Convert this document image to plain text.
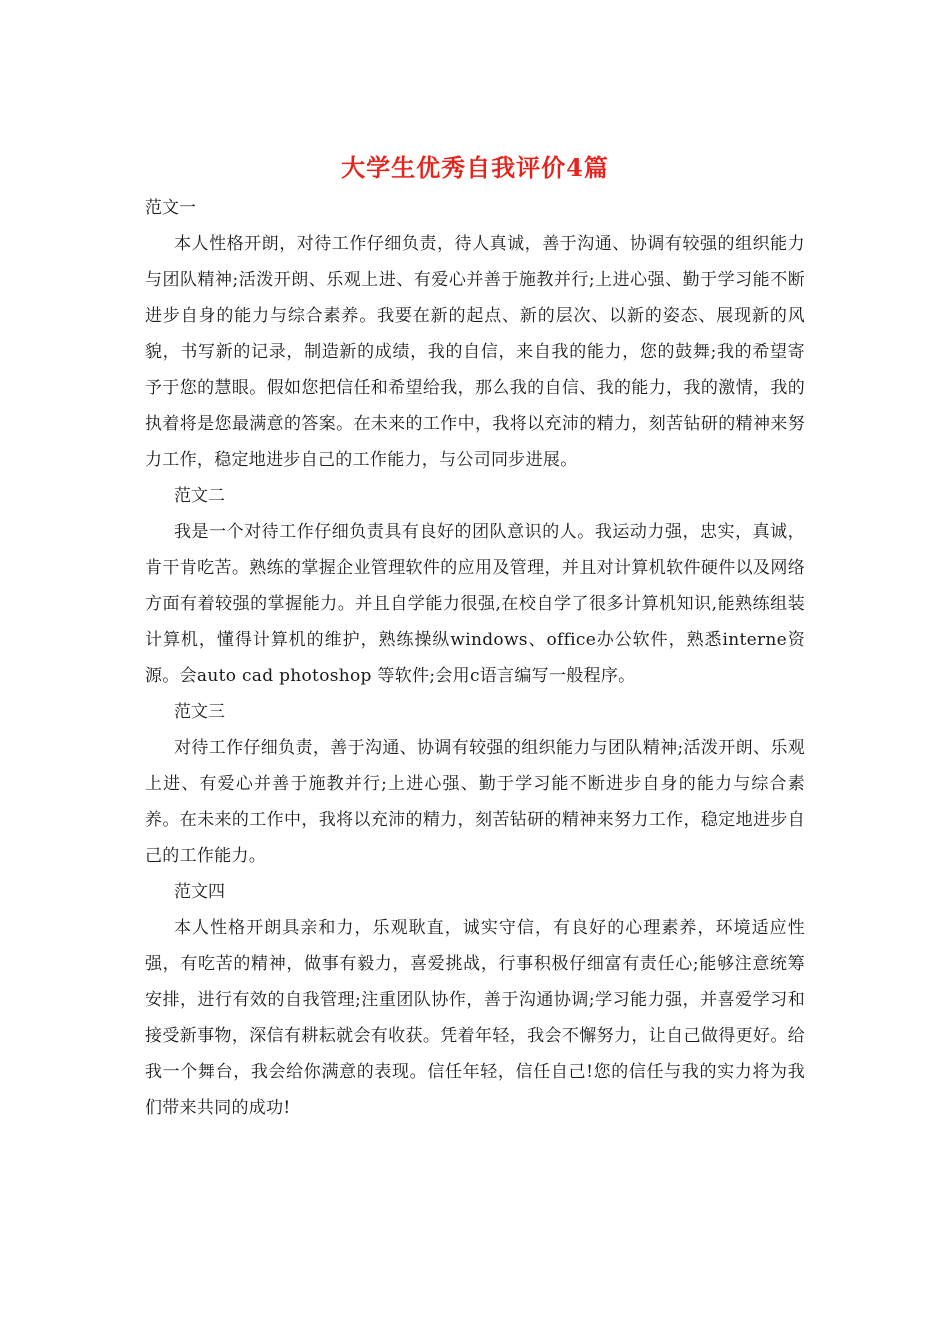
大学生优秀自我评价4篇

范文一

本人性格开朗，对待工作仔细负责，待人真诚，善于沟通、协调有较强的组织能力与团队精神;活泼开朗、乐观上进、有爱心并善于施教并行;上进心强、勤于学习能不断进步自身的能力与综合素养。我要在新的起点、新的层次、以新的姿态、展现新的风貌，书写新的记录，制造新的成绩，我的自信，来自我的能力，您的鼓舞;我的希望寄予于您的慧眼。假如您把信任和希望给我，那么我的自信、我的能力，我的激情，我的执着将是您最满意的答案。在未来的工作中，我将以充沛的精力，刻苦钻研的精神来努力工作，稳定地进步自己的工作能力，与公司同步进展。

范文二

我是一个对待工作仔细负责具有良好的团队意识的人。我运动力强，忠实，真诚，肯干肯吃苦。熟练的掌握企业管理软件的应用及管理，并且对计算机软件硬件以及网络方面有着较强的掌握能力。并且自学能力很强,在校自学了很多计算机知识,能熟练组装计算机，懂得计算机的维护，熟练操纵windows、office办公软件，熟悉interne资源。会auto cad photoshop 等软件;会用c语言编写一般程序。

范文三

对待工作仔细负责，善于沟通、协调有较强的组织能力与团队精神;活泼开朗、乐观上进、有爱心并善于施教并行;上进心强、勤于学习能不断进步自身的能力与综合素养。在未来的工作中，我将以充沛的精力，刻苦钻研的精神来努力工作，稳定地进步自己的工作能力。

范文四

本人性格开朗具亲和力，乐观耿直，诚实守信，有良好的心理素养，环境适应性强，有吃苦的精神，做事有毅力，喜爱挑战，行事积极仔细富有责任心;能够注意统筹安排，进行有效的自我管理;注重团队协作，善于沟通协调;学习能力强，并喜爱学习和接受新事物，深信有耕耘就会有收获。凭着年轻，我会不懈努力，让自己做得更好。给我一个舞台，我会给你满意的表现。信任年轻，信任自己!您的信任与我的实力将为我们带来共同的成功!
